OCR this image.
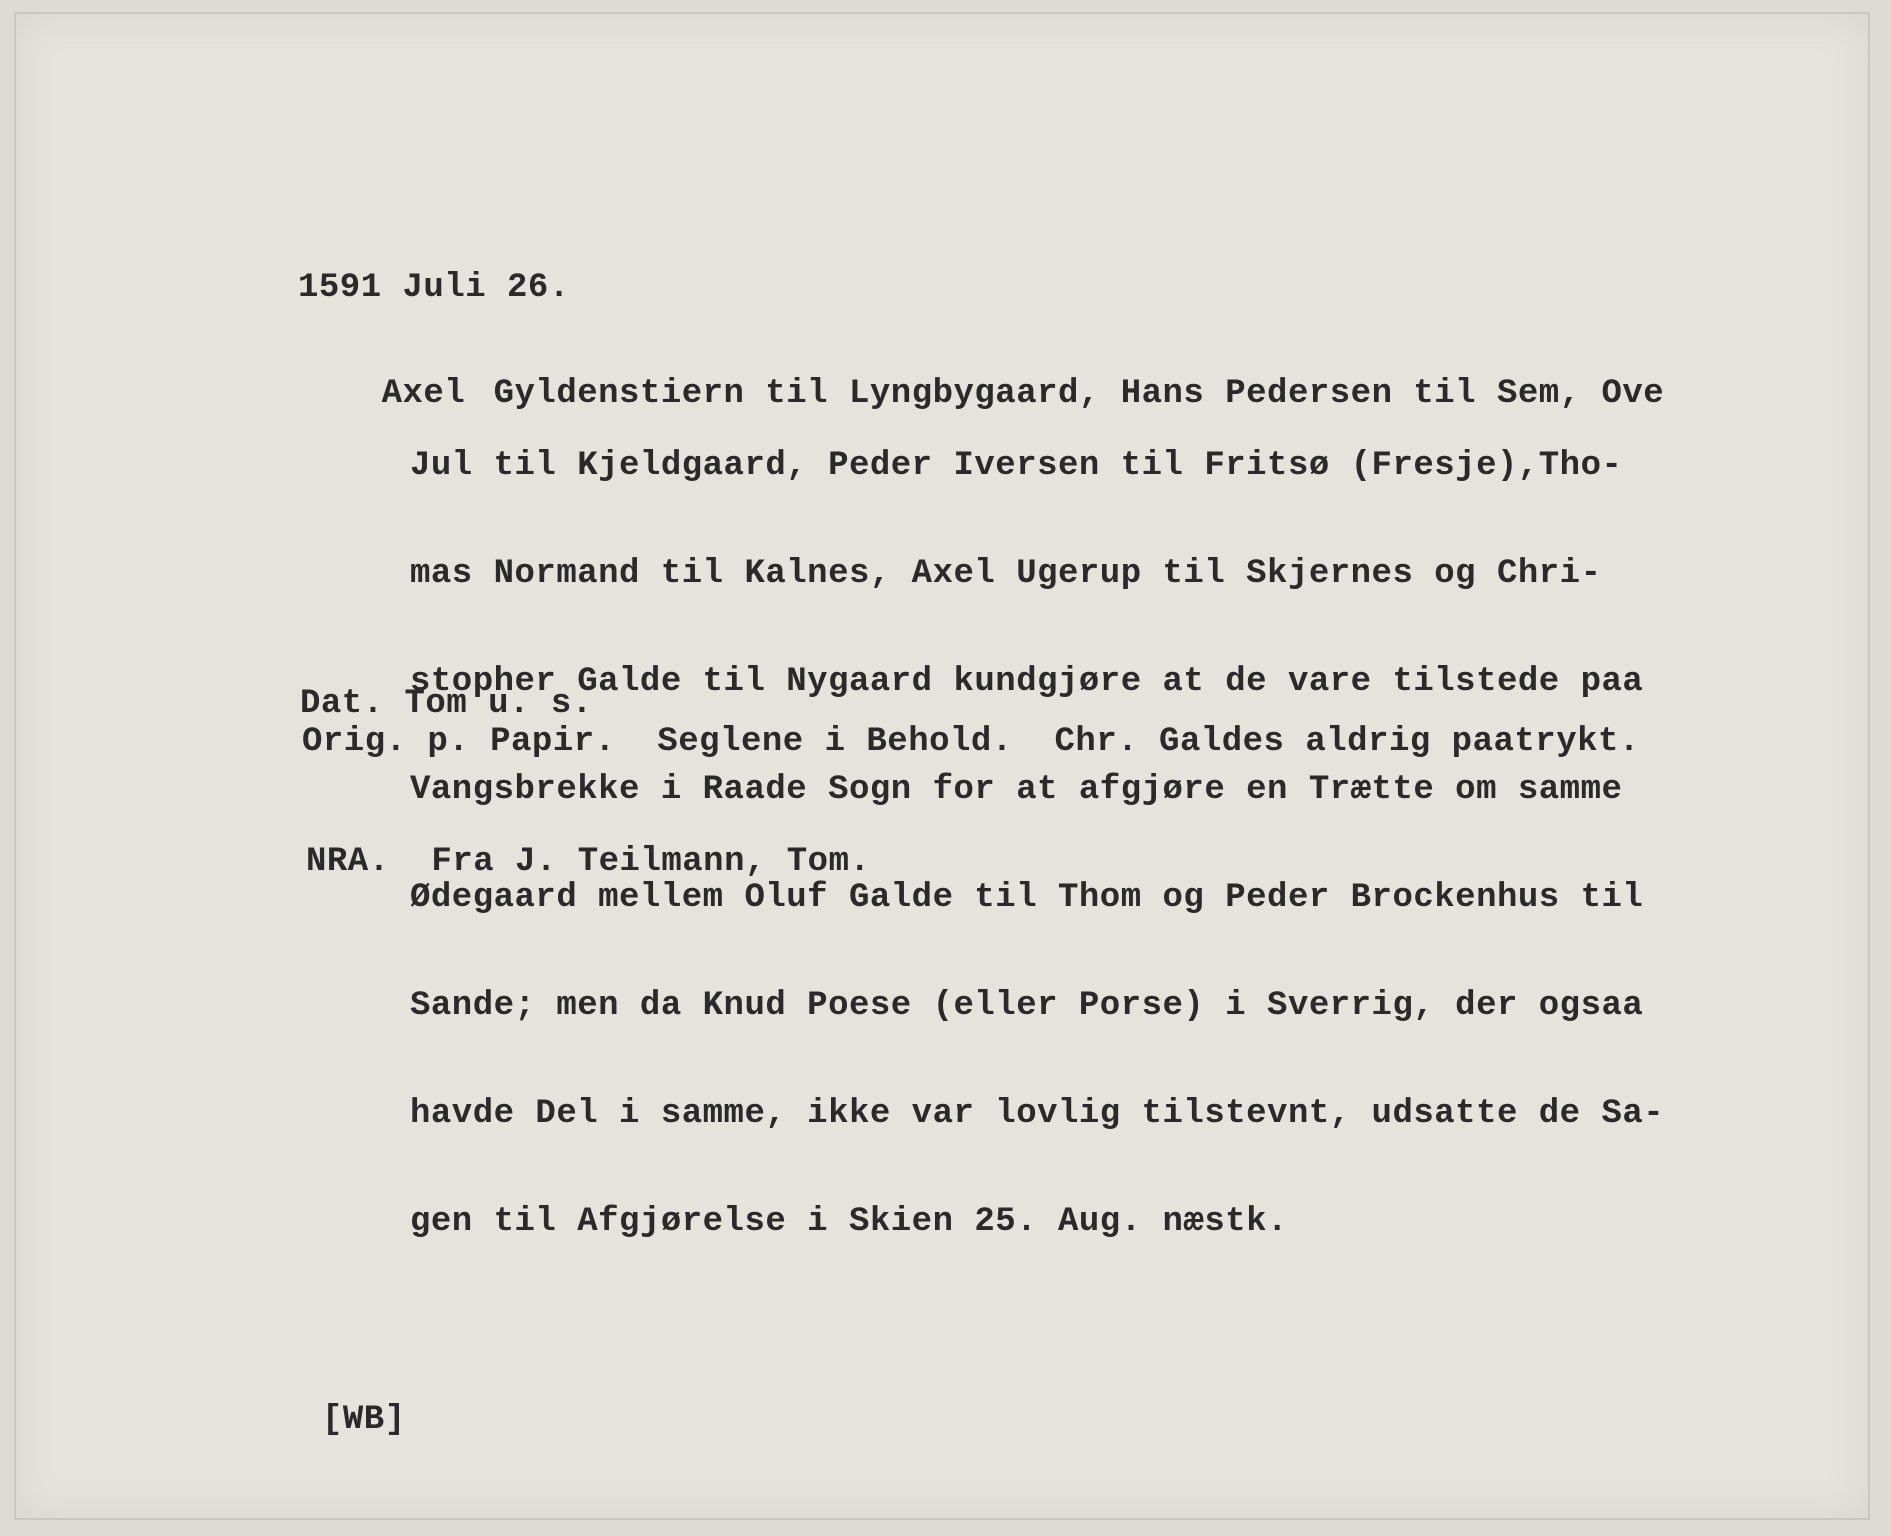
1591 Juli 26.

Axel Gyldenstiern til Lyngbygaard, Hans Pedersen til Sem, Ove

Jul til Kjeldgaard, Peder Iversen til Fritsø (Fresje),Tho-

mas Normand til Kalnes, Axel Ugerup til Skjernes og Chri-

stopher Galde til Nygaard kundgjøre at de vare tilstede paa

Vangsbrekke i Raade Sogn for at afgjøre en Trætte om samme

Ødegaard mellem Oluf Galde til Thom og Peder Brockenhus til

Sande; men da Knud Poese (eller Porse) i Sverrig, der ogsaa

havde Del i samme, ikke var lovlig tilstevnt, udsatte de Sa-

gen til Afgjørelse i Skien 25. Aug. næstk.

Dat. Tom u. s.
Orig. p. Papir.  Seglene i Behold.  Chr. Galdes aldrig paatrykt.
NRA.  Fra J. Teilmann, Tom.
[WB]
